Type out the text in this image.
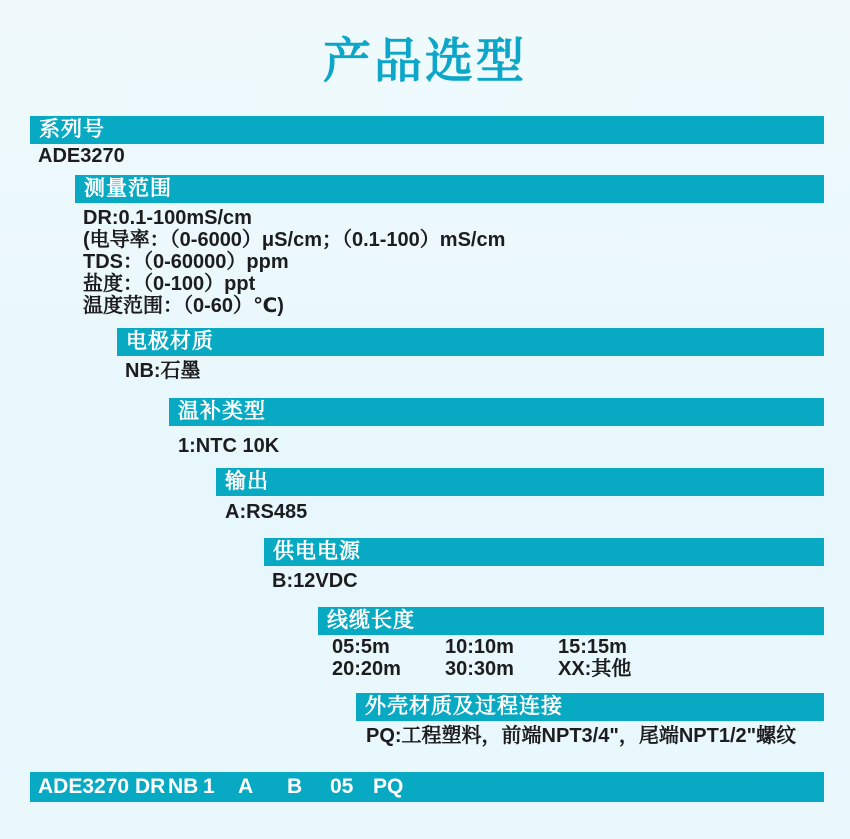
产品选型
系列号
ADE3270
测量范围
DR:0.1-100mS/cm
(电导率：（0-6000）μS/cm；（0.1-100）mS/cm
TDS：（0-60000）ppm
盐度：（0-100）ppt
温度范围：（0-60）℃)
电极材质
NB:石墨
温补类型
1:NTC 10K
输出
A:RS485
供电电源
B:12VDC
线缆长度
05:5m	10:10m 15:15m
20:20m 30:30m XX:其他
外壳材质及过程连接
PQ:工程塑料，前端NPT3/4"，尾端NPT1/2"螺纹
ADE3270 DR NB 1 A B 05 PQ
